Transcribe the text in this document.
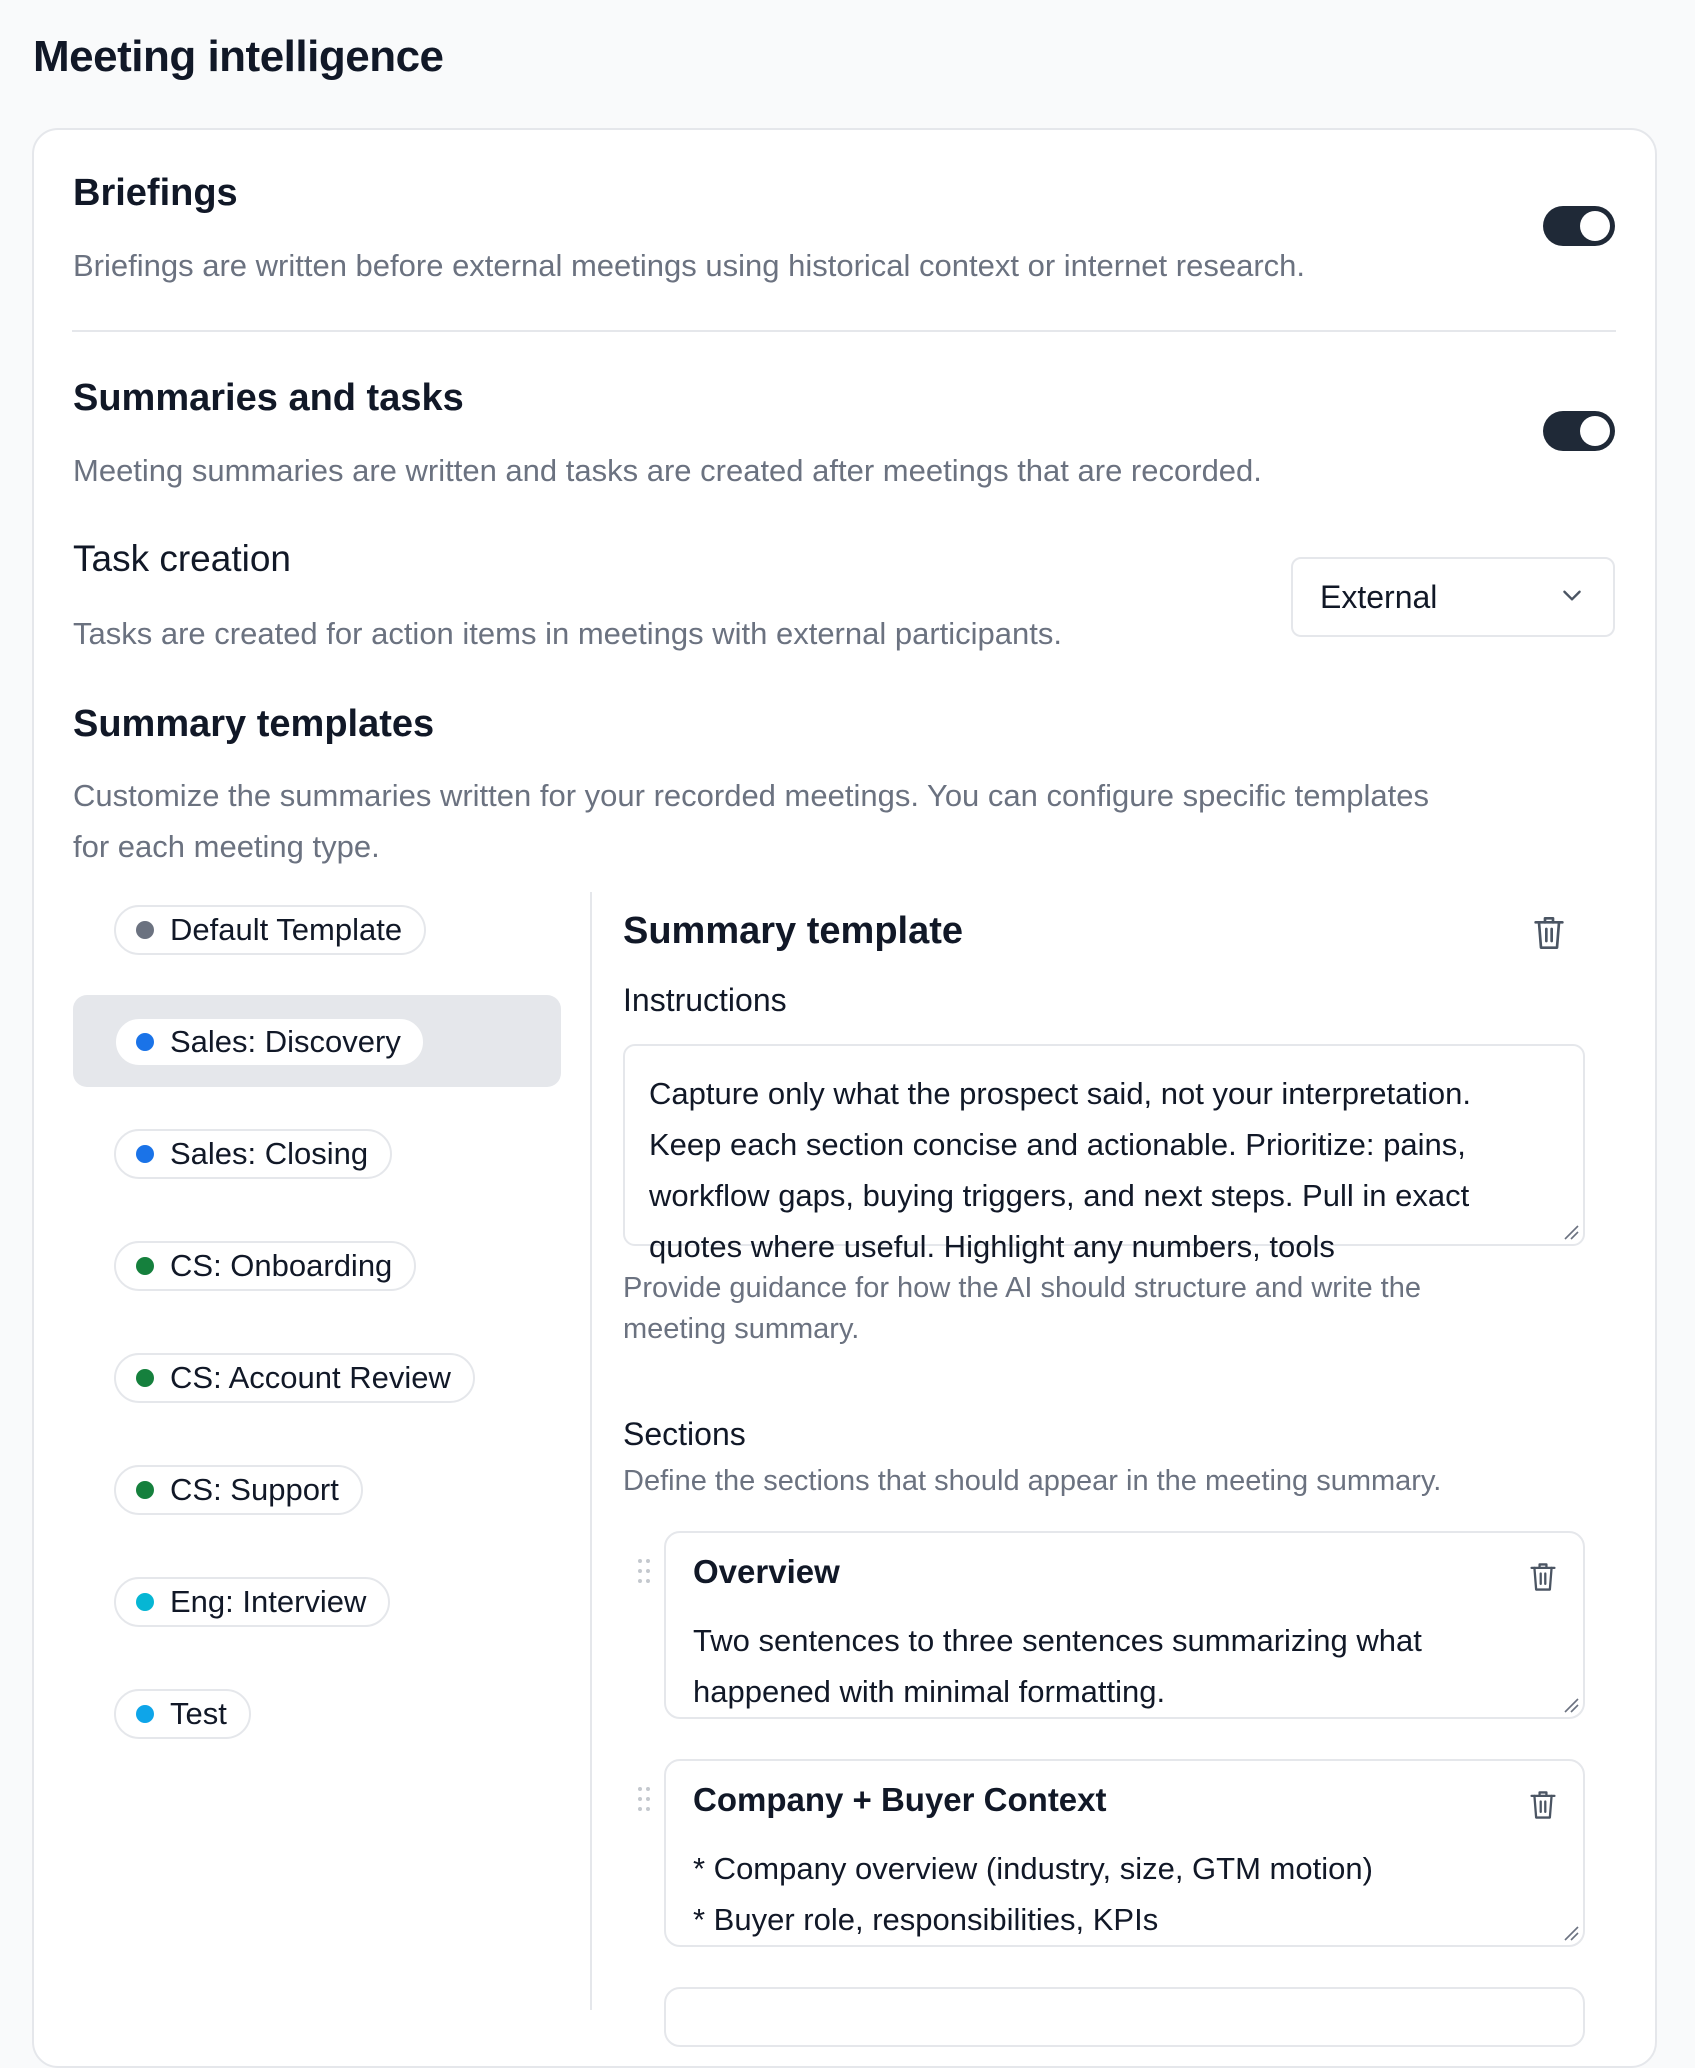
Meeting intelligence
Briefings
Briefings are written before external meetings using historical context or internet research.
Summaries and tasks
Meeting summaries are written and tasks are created after meetings that are recorded.
Task creation
Tasks are created for action items in meetings with external participants.
External
Summary templates
Customize the summaries written for your recorded meetings. You can configure specific templates
for each meeting type.
Default Template
Sales: Discovery
Sales: Closing
CS: Onboarding
CS: Account Review
CS: Support
Eng: Interview
Test
Summary template
Instructions
Capture only what the prospect said, not your interpretation.
Keep each section concise and actionable. Prioritize: pains,
workflow gaps, buying triggers, and next steps. Pull in exact
quotes where useful. Highlight any numbers, tools
Provide guidance for how the AI should structure and write the
meeting summary.
Sections
Define the sections that should appear in the meeting summary.
Overview
Two sentences to three sentences summarizing what
happened with minimal formatting.
Company + Buyer Context
* Company overview (industry, size, GTM motion)
* Buyer role, responsibilities, KPIs
